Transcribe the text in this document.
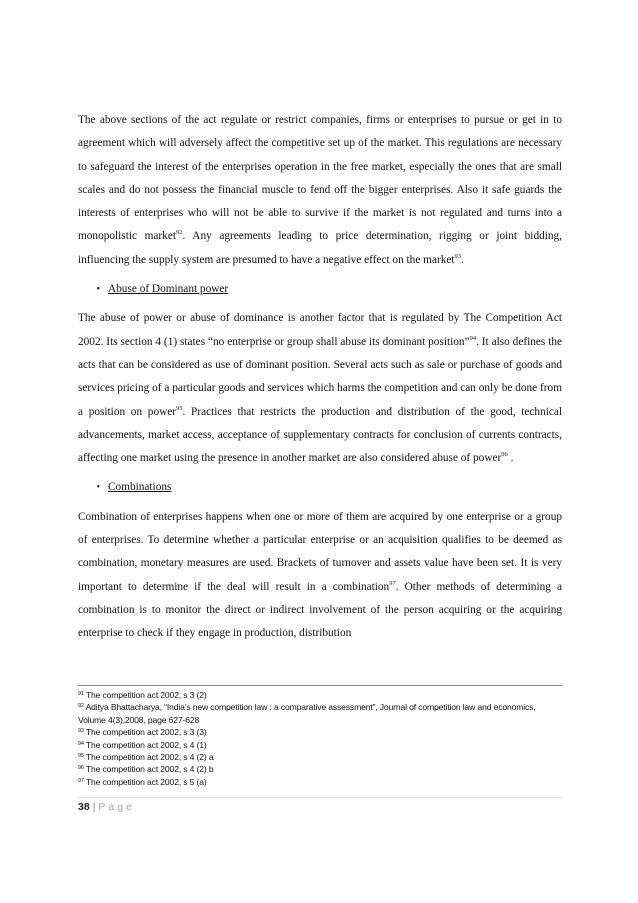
The above sections of the act regulate or restrict companies, firms or enterprises to pursue or get in to agreement which will adversely affect the competitive set up of the market. This regulations are necessary to safeguard the interest of the enterprises operation in the free market, especially the ones that are small scales and do not possess the financial muscle to fend off the bigger enterprises. Also it safe guards the interests of enterprises who will not be able to survive if the market is not regulated and turns into a monopolistic market$^{92}$. Any agreements leading to price determination, rigging or joint bidding, influencing the supply system are presumed to have a negative effect on the market$^{93}$.

•
Abuse of Dominant power

The abuse of power or abuse of dominance is another factor that is regulated by The Competition Act 2002. Its section 4 (1) states “no enterprise or group shall abuse its dominant position”$^{94}$. It also defines the acts that can be considered as use of dominant position. Several acts such as sale or purchase of goods and services pricing of a particular goods and services which harms the competition and can only be done from a position on power$^{95}$. Practices that restricts the production and distribution of the good, technical advancements, market access, acceptance of supplementary contracts for conclusion of currents contracts, affecting one market using the presence in another market are also considered abuse of power$^{96}$ .

•
Combinations

Combination of enterprises happens when one or more of them are acquired by one enterprise or a group of enterprises. To determine whether a particular enterprise or an acquisition qualifies to be deemed as combination, monetary measures are used. Brackets of turnover and assets value have been set. It is very important to determine if the deal will result in a combination$^{97}$. Other methods of determining a combination is to monitor the direct or indirect involvement of the person acquiring or the acquiring enterprise to check if they engage in production, distribution

$^{91}$ The competition act 2002, s 3 (2)
$^{92}$ Aditya Bhattacharya, “India’s new competition law : a comparative assessment”, Journal of competition law and economics, Volume 4(3),2008, page 627-628
$^{93}$ The competition act 2002, s 3 (3)
$^{94}$ The competition act 2002, s 4 (1)
$^{95}$ The competition act 2002, s 4 (2) a
$^{96}$ The competition act 2002, s 4 (2) b
$^{97}$ The competition act 2002, s 5 (a)
38 | Page
